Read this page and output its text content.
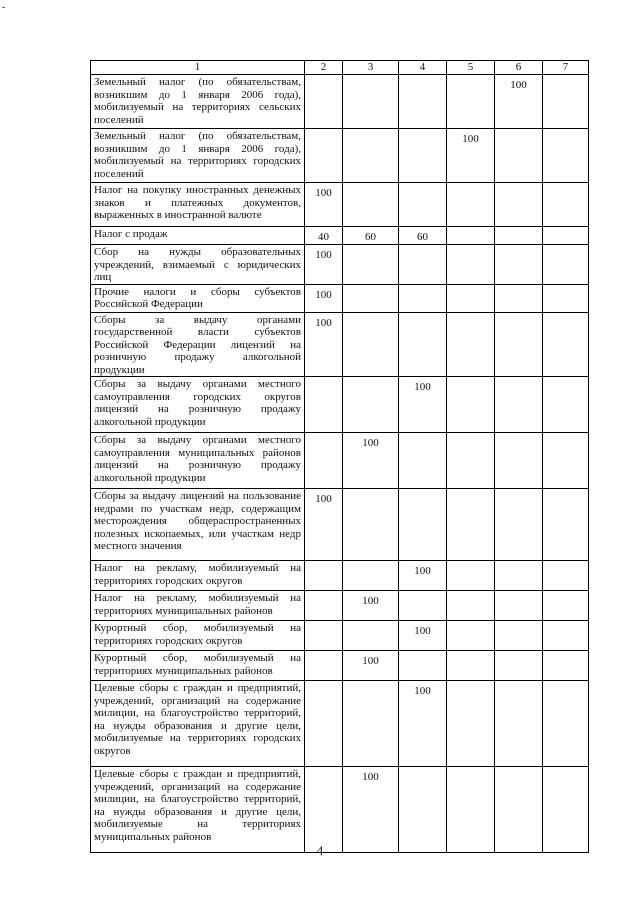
-
1	2	3	4	5	6	7
Земельный налог (по обязательствам, возникшим до 1 января 2006 года), мобилизуемый на территориях сельских поселений					100	
Земельный налог (по обязательствам, возникшим до 1 января 2006 года), мобилизуемый на территориях городских поселений				100		
Налог на покупку иностранных денежных знаков и платежных документов, выраженных в иностранной валюте	100					
Налог с продаж	40	60	60			
Сбор на нужды образовательных учреждений, взимаемый с юридических лиц	100					
Прочие налоги и сборы субъектов Российской Федерации	100					
Сборы за выдачу органами государственной власти субъектов Российской Федерации лицензий на розничную продажу алкогольной продукции	100					
Сборы за выдачу органами местного самоуправления городских округов лицензий на розничную продажу алкогольной продукции			100			
Сборы за выдачу органами местного самоуправления муниципальных районов лицензий на розничную продажу алкогольной продукции		100				
Сборы за выдачу лицензий на пользование недрами по участкам недр, содержащим месторождения общераспространенных полезных ископаемых, или участкам недр местного значения	100					
Налог на рекламу, мобилизуемый на территориях городских округов			100			
Налог на рекламу, мобилизуемый на территориях муниципальных районов		100				
Курортный сбор, мобилизуемый на территориях городских округов			100			
Курортный сбор, мобилизуемый на территориях муниципальных районов		100				
Целевые сборы с граждан и предприятий, учреждений, организаций на содержание милиции, на благоустройство территорий, на нужды образования и другие цели, мобилизуемые на территориях городских округов			100			
Целевые сборы с граждан и предприятий, учреждений, организаций на содержание милиции, на благоустройство территорий, на нужды образования и другие цели, мобилизуемые на территориях муниципальных районов		100				
4
